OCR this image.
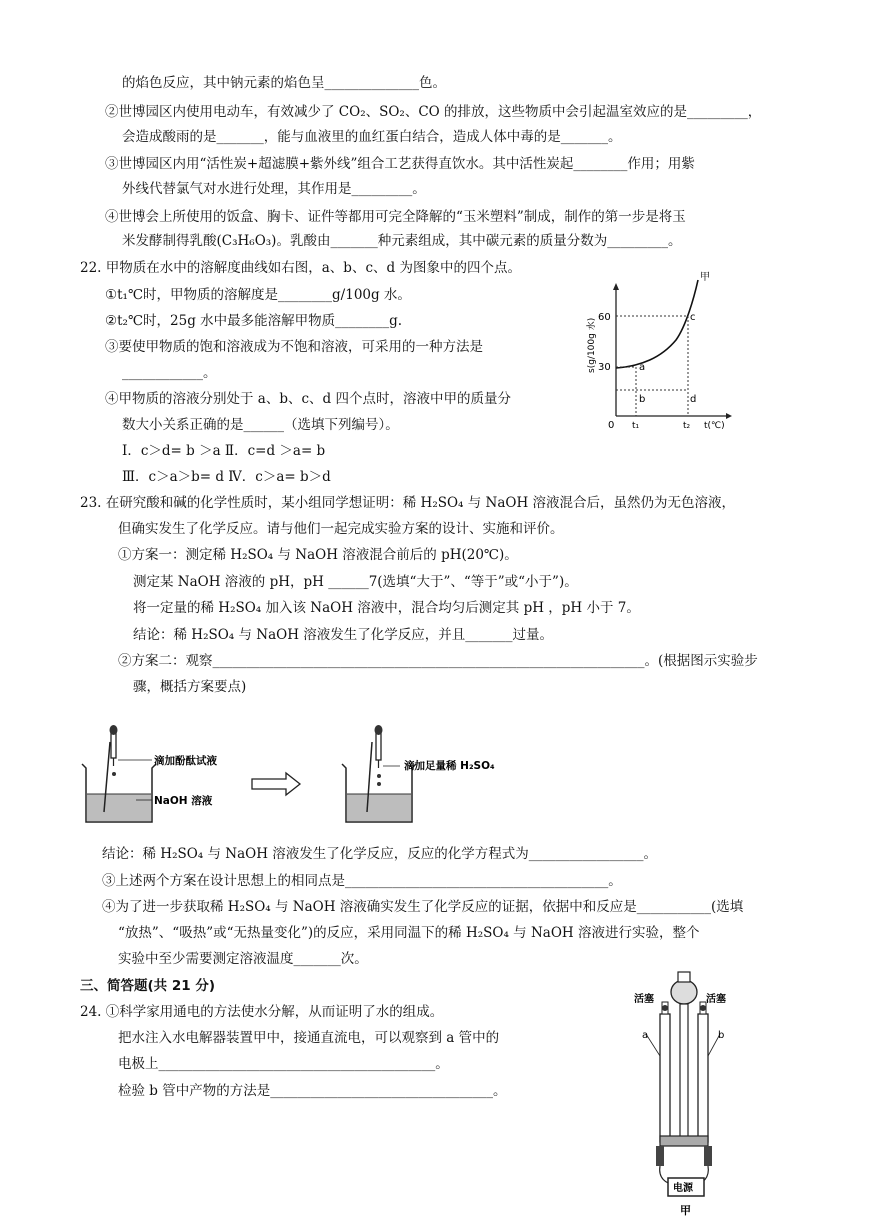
的焰色反应，其中钠元素的焰色呈______________色。
②世博园区内使用电动车，有效减少了 CO₂、SO₂、CO 的排放，这些物质中会引起温室效应的是_________，
会造成酸雨的是_______，能与血液里的血红蛋白结合，造成人体中毒的是_______。
③世博园区内用“活性炭+超滤膜+紫外线”组合工艺获得直饮水。其中活性炭起________作用；用紫
外线代替氯气对水进行处理，其作用是_________。
④世博会上所使用的饭盒、胸卡、证件等都用可完全降解的“玉米塑料”制成，制作的第一步是将玉
米发酵制得乳酸(C₃H₆O₃)。乳酸由_______种元素组成，其中碳元素的质量分数为_________。
22. 甲物质在水中的溶解度曲线如右图，a、b、c、d 为图象中的四个点。
①t₁℃时，甲物质的溶解度是________g/100g 水。
②t₂℃时，25g 水中最多能溶解甲物质________g.
③要使甲物质的饱和溶液成为不饱和溶液，可采用的一种方法是
____________。
④甲物质的溶液分别处于 a、b、c、d 四个点时，溶液中甲的质量分
数大小关系正确的是______（选填下列编号）。
Ⅰ．c＞d= b ＞a Ⅱ．c=d ＞a= b
Ⅲ．c＞a＞b= d Ⅳ．c＞a= b＞d
23. 在研究酸和碱的化学性质时，某小组同学想证明：稀 H₂SO₄ 与 NaOH 溶液混合后，虽然仍为无色溶液，
但确实发生了化学反应。请与他们一起完成实验方案的设计、实施和评价。
①方案一：测定稀 H₂SO₄ 与 NaOH 溶液混合前后的 pH(20℃)。
测定某 NaOH 溶液的 pH，pH ______7(选填“大于”、“等于”或“小于”)。
将一定量的稀 H₂SO₄ 加入该 NaOH 溶液中，混合均匀后测定其 pH ，pH 小于 7。
结论：稀 H₂SO₄ 与 NaOH 溶液发生了化学反应，并且_______过量。
②方案二：观察________________________________________________________________。(根据图示实验步
骤，概括方案要点)
结论：稀 H₂SO₄ 与 NaOH 溶液发生了化学反应，反应的化学方程式为_________________。
③上述两个方案在设计思想上的相同点是_______________________________________。
④为了进一步获取稀 H₂SO₄ 与 NaOH 溶液确实发生了化学反应的证据，依据中和反应是___________(选填
“放热”、“吸热”或“无热量变化”)的反应，采用同温下的稀 H₂SO₄ 与 NaOH 溶液进行实验，整个
实验中至少需要测定溶液温度_______次。
三、简答题(共 21 分)
24. ①科学家用通电的方法使水分解，从而证明了水的组成。
把水注入水电解器装置甲中，接通直流电，可以观察到 a 管中的
电极上_________________________________________。
检验 b 管中产物的方法是_________________________________。
甲
60
30
0 t₁	t₂ t(℃)
a
b
c
d
s(g/100g 水)
滴加酚酞试液
NaOH 溶液
滴加足量稀 H₂SO₄
电源
活塞	活塞
a	b
甲
